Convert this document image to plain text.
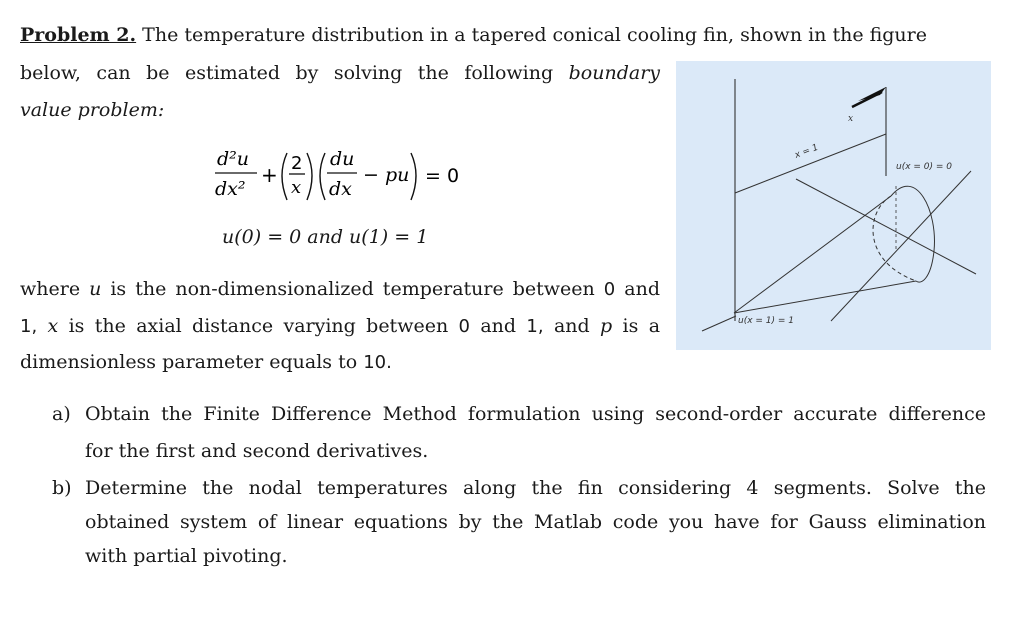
Problem 2. The temperature distribution in a tapered conical cooling fin, shown in the figure
below, can be estimated by solving the following boundary
value problem:
d²u
dx²
+ 2
x
du
dx
− pu = 0
u(0) = 0 and u(1) = 1
where u is the non-dimensionalized temperature between 0 and
1, x is the axial distance varying between 0 and 1, and p is a
dimensionless parameter equals to 10.
x
x = 1
u(x = 0) = 0
u(x = 1) = 1
a) Obtain the Finite Difference Method formulation using second-order accurate difference
for the first and second derivatives.
b) Determine the nodal temperatures along the fin considering 4 segments. Solve the
obtained system of linear equations by the Matlab code you have for Gauss elimination
with partial pivoting.
